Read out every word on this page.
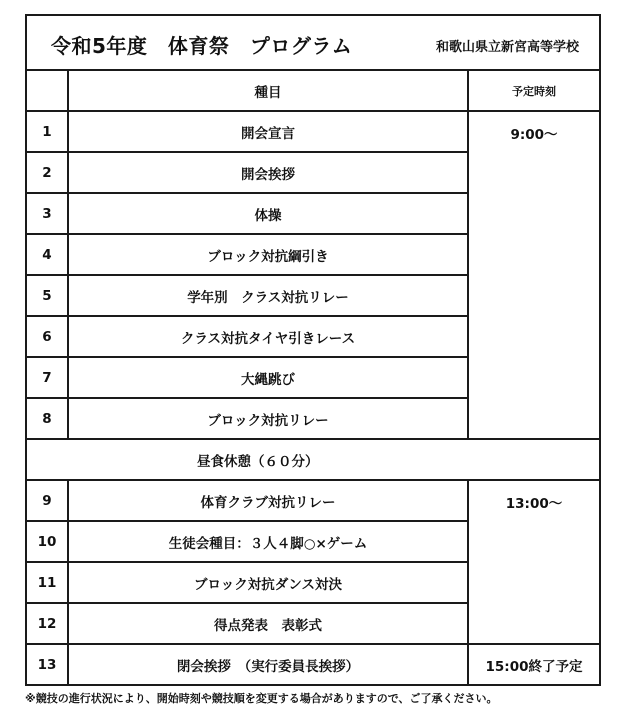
令和5年度　体育祭　プログラム 和歌山県立新宮高等学校		

	種目	予定時刻
1	開会宣言	9:00～
2	開会挨拶	
3	体操	
4	ブロック対抗綱引き	
5	学年別　クラス対抗リレー	
6	クラス対抗タイヤ引きレース	
7	大縄跳び	
8	ブロック対抗リレー	
昼食休憩（６０分）		
9	体育クラブ対抗リレー	13:00～
10	生徒会種目：３人４脚○×ゲーム	
11	ブロック対抗ダンス対決	
12	得点発表　表彰式	
13	閉会挨拶　（実行委員長挨拶）	15:00終了予定
※競技の進行状況により、開始時刻や競技順を変更する場合がありますので、ご了承ください。
